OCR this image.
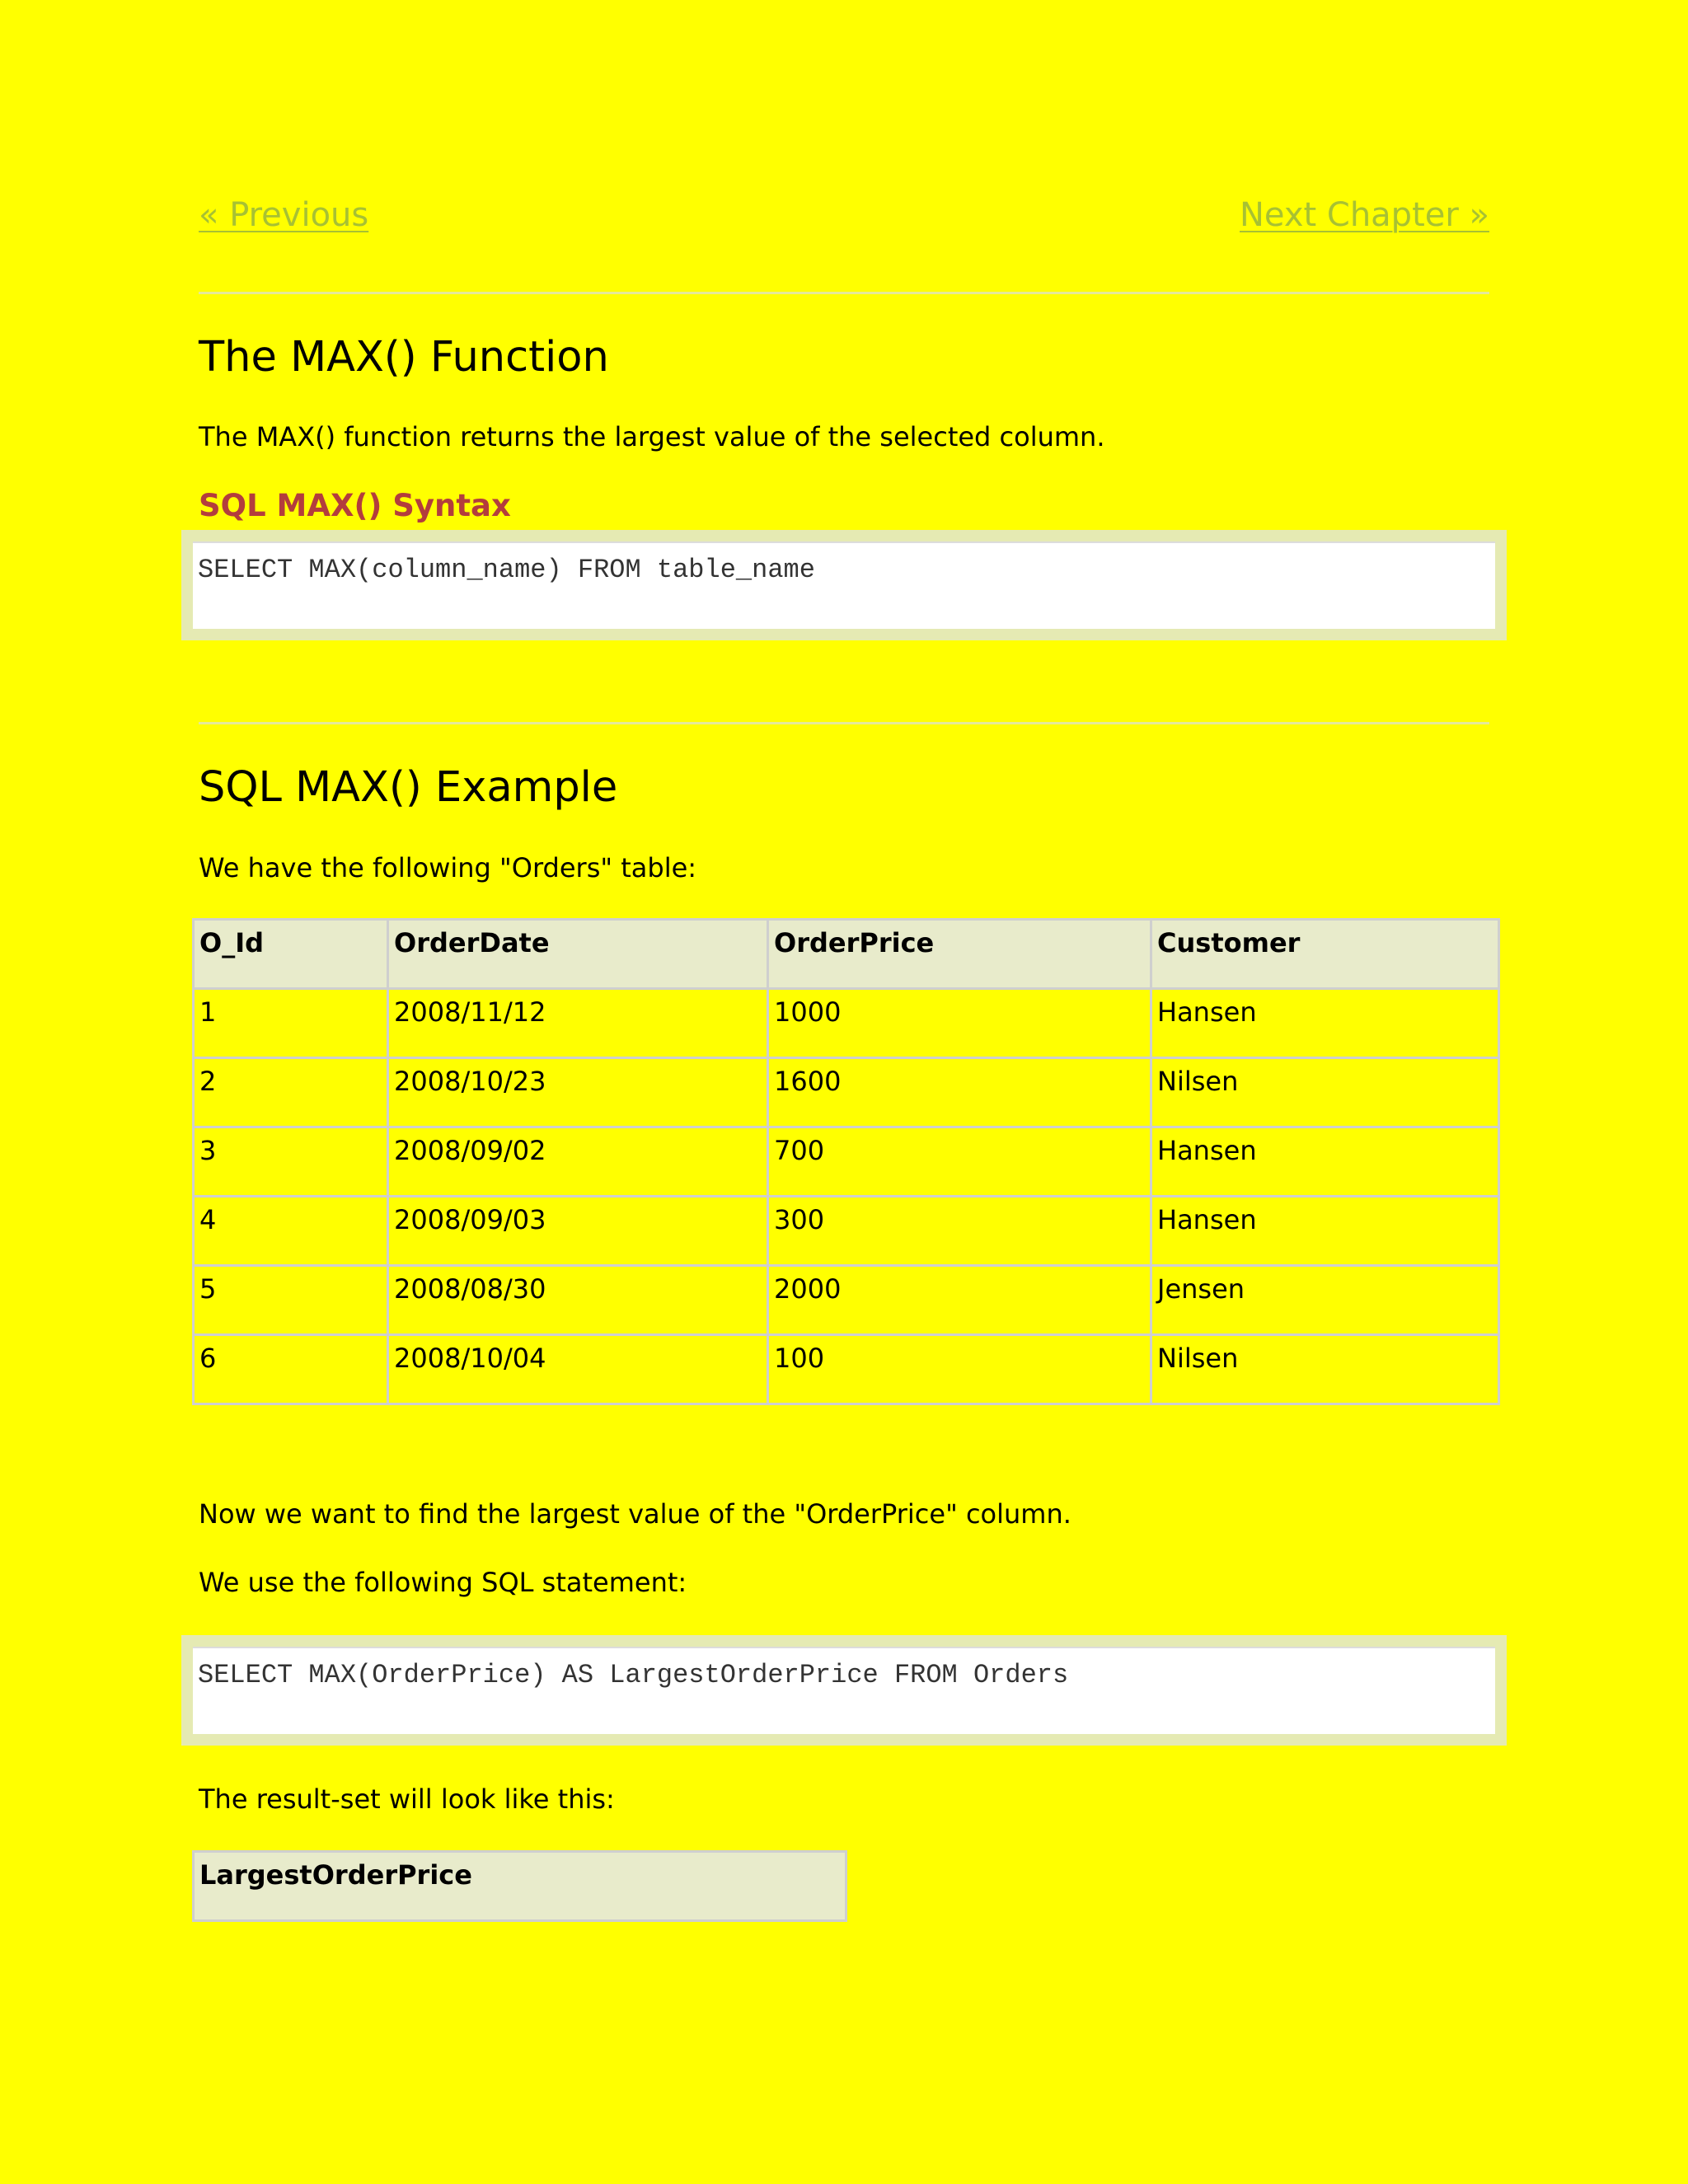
« Previous	Next Chapter »
The MAX() Function

The MAX() function returns the largest value of the selected column.

SQL MAX() Syntax
SELECT MAX(column_name) FROM table_name
SQL MAX() Example

We have the following "Orders" table:

O_Id	OrderDate	OrderPrice	Customer
1	2008/11/12	1000	Hansen
2	2008/10/23	1600	Nilsen
3	2008/09/02	700	Hansen
4	2008/09/03	300	Hansen
5	2008/08/30	2000	Jensen
6	2008/10/04	100	Nilsen

Now we want to find the largest value of the "OrderPrice" column.

We use the following SQL statement:

SELECT MAX(OrderPrice) AS LargestOrderPrice FROM Orders

The result-set will look like this:

LargestOrderPrice
